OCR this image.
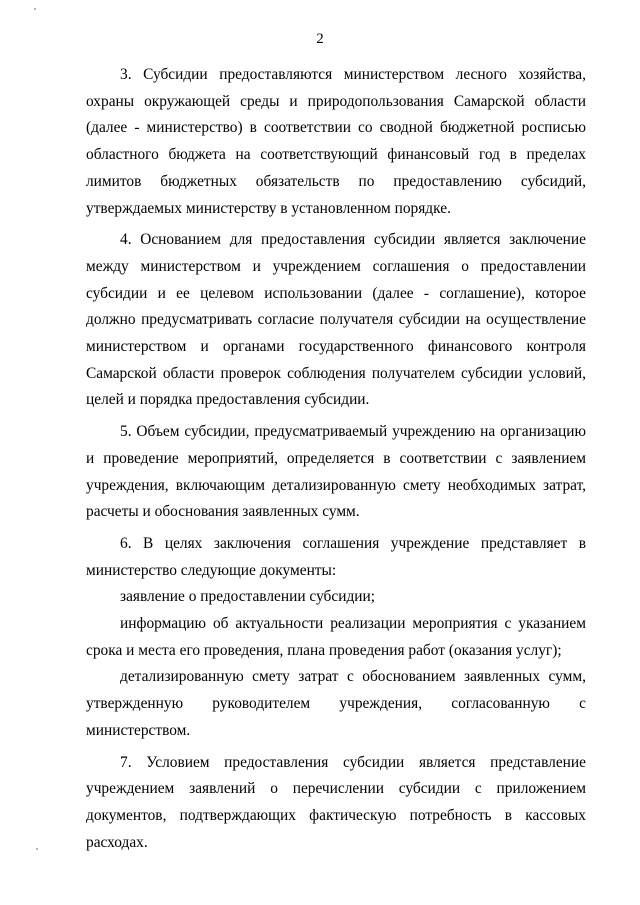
2

3. Субсидии предоставляются министерством лесного хозяйства, охраны окружающей среды и природопользования Самарской области (далее - министерство) в соответствии со сводной бюджетной росписью областного бюджета на соответствующий финансовый год в пределах лимитов бюджетных обязательств по предоставлению субсидий, утверждаемых министерству в установленном порядке.

4. Основанием для предоставления субсидии является заключение между министерством и учреждением соглашения о предоставлении субсидии и ее целевом использовании (далее - соглашение), которое должно предусматривать согласие получателя субсидии на осуществление министерством и органами государственного финансового контроля Самарской области проверок соблюдения получателем субсидии условий, целей и порядка предоставления субсидии.

5. Объем субсидии, предусматриваемый учреждению на организацию и проведение мероприятий, определяется в соответствии с заявлением учреждения, включающим детализированную смету необходимых затрат, расчеты и обоснования заявленных сумм.

6. В целях заключения соглашения учреждение представляет в министерство следующие документы:

заявление о предоставлении субсидии;

информацию об актуальности реализации мероприятия с указанием срока и места его проведения, плана проведения работ (оказания услуг);

детализированную смету затрат с обоснованием заявленных сумм, утвержденную руководителем учреждения, согласованную с министерством.

7. Условием предоставления субсидии является представление учреждением заявлений о перечислении субсидии с приложением документов, подтверждающих фактическую потребность в кассовых расходах.
